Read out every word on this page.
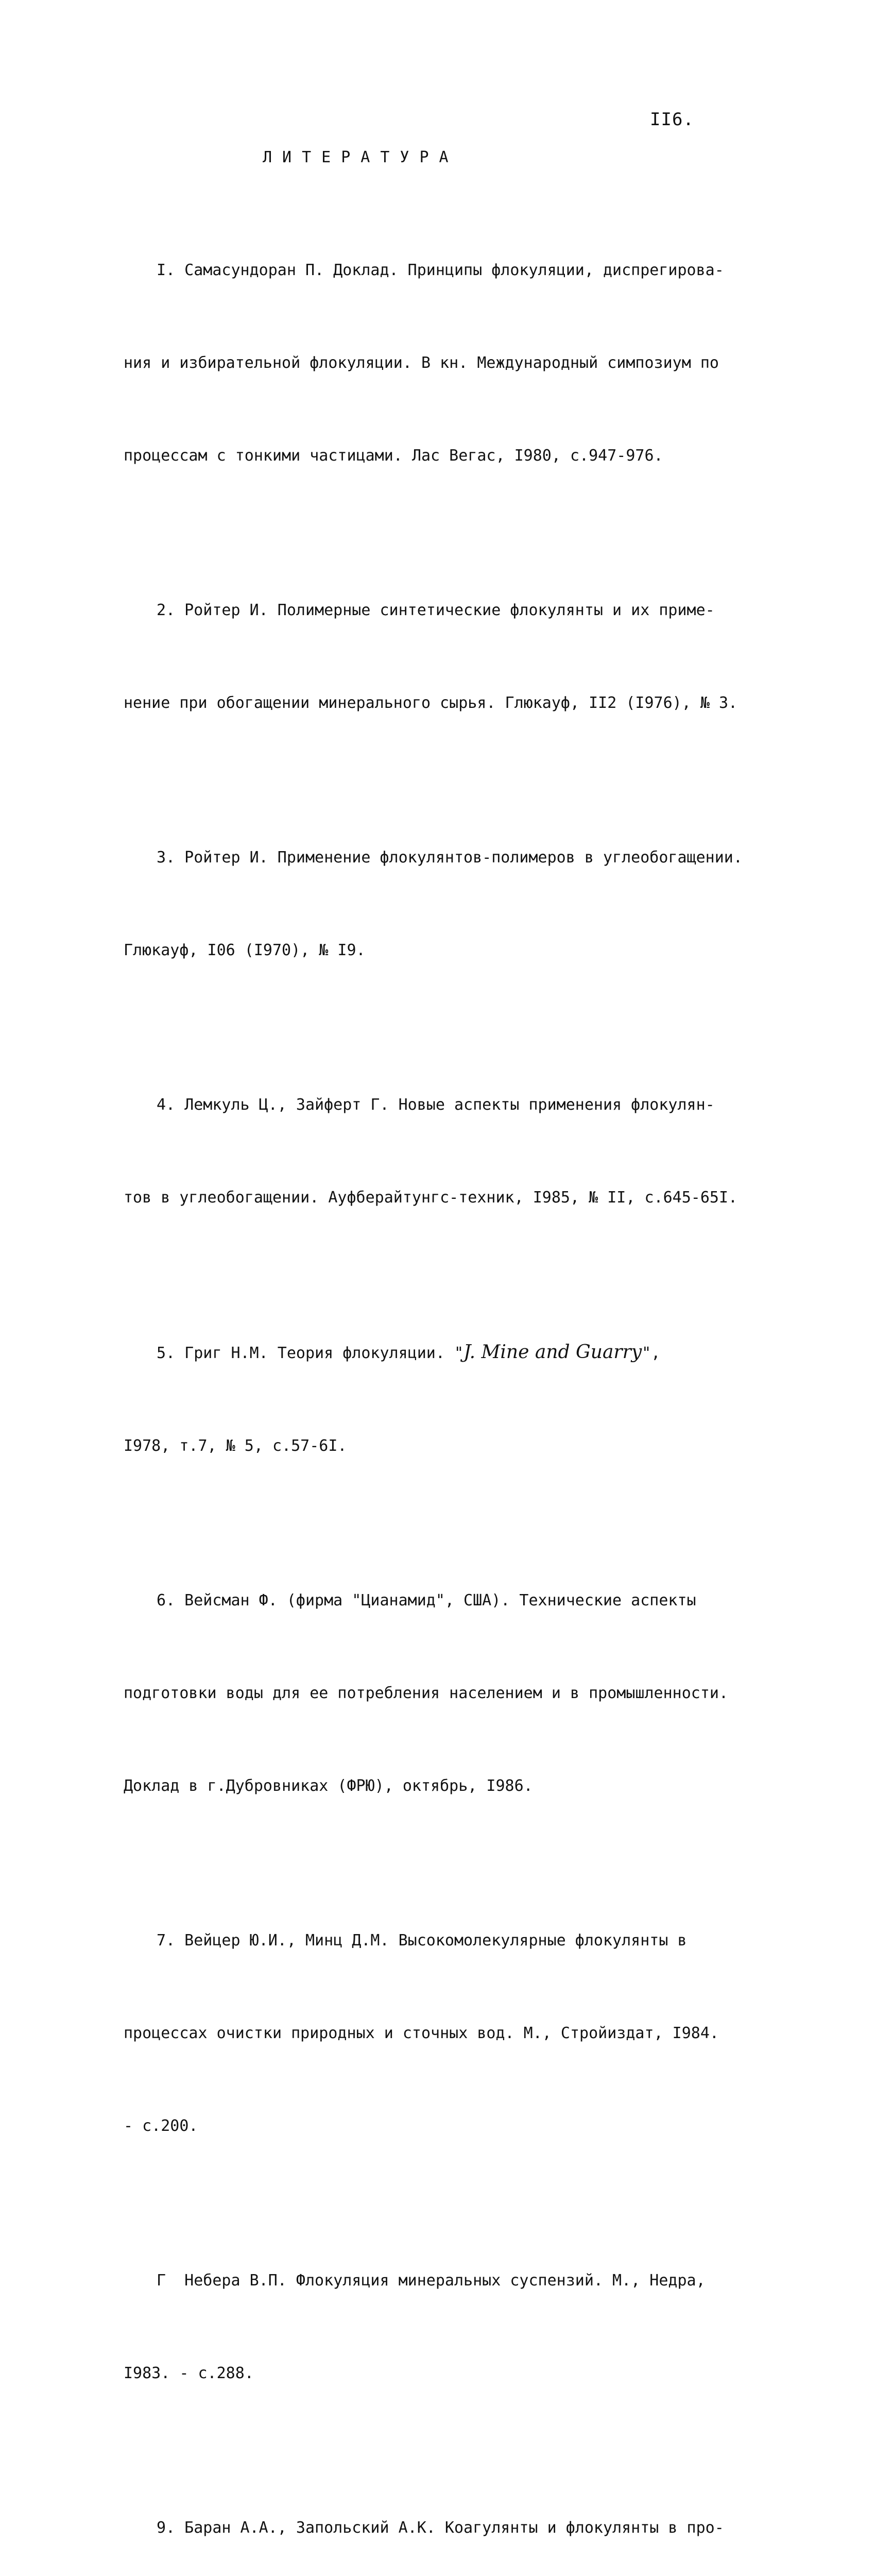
II6.
ЛИТЕРАТУРА

I. Самасундоран П. Доклад. Принципы флокуляции, диспрегирова-

ния и избирательной флокуляции. В кн. Международный симпозиум по

процессам с тонкими частицами. Лас Вегас, I980, с.947-976.

2. Ройтер И. Полимерные синтетические флокулянты и их приме-

нение при обогащении минерального сырья. Глюкауф, II2 (I976), № 3.

3. Ройтер И. Применение флокулянтов-полимеров в углеобогащении.

Глюкауф, I06 (I970), № I9.

4. Лемкуль Ц., Зайферт Г. Новые аспекты применения флокулян-

тов в углеобогащении. Ауфберайтунгс-техник, I985, № II, с.645-65I.

5. Григ Н.М. Теория флокуляции. "J. Mine and Guarry",

I978, т.7, № 5, с.57-6I.

6. Вейсман Ф. (фирма "Цианамид", США). Технические аспекты

подготовки воды для ее потребления населением и в промышленности.

Доклад в г.Дубровниках (ФРЮ), октябрь, I986.

7. Вейцер Ю.И., Минц Д.М. Высокомолекулярные флокулянты в

процессах очистки природных и сточных вод. М., Стройиздат, I984.

- с.200.

Г  Небера В.П. Флокуляция минеральных суспензий. М., Недра,

I983. - с.288.

9. Баран А.А., Запольский А.К. Коагулянты и флокулянты в про-
